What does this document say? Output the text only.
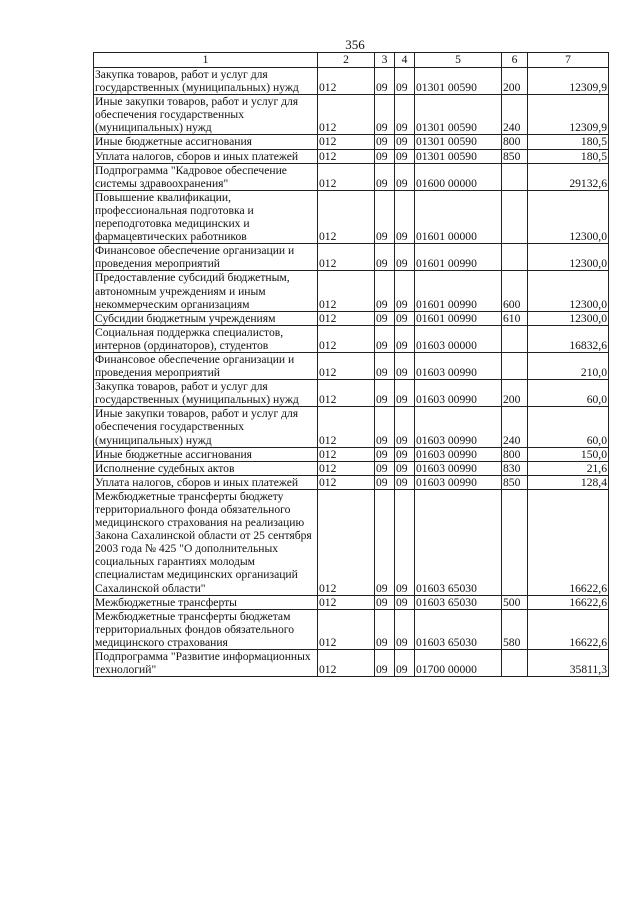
356
1	2	3	4	5	6	7
Закупка товаров, работ и услуг для государственных (муниципальных) нужд	012	09	09	01301 00590	200	12309,9
Иные закупки товаров, работ и услуг для обеспечения государственных (муниципальных) нужд	012	09	09	01301 00590	240	12309,9
Иные бюджетные ассигнования	012	09	09	01301 00590	800	180,5
Уплата налогов, сборов и иных платежей	012	09	09	01301 00590	850	180,5
Подпрограмма "Кадровое обеспечение системы здравоохранения"	012	09	09	01600 00000		29132,6
Повышение квалификации, профессиональная подготовка и переподготовка медицинских и фармацевтических работников	012	09	09	01601 00000		12300,0
Финансовое обеспечение организации и проведения мероприятий	012	09	09	01601 00990		12300,0
Предоставление субсидий бюджетным, автономным учреждениям и иным некоммерческим организациям	012	09	09	01601 00990	600	12300,0
Субсидии бюджетным учреждениям	012	09	09	01601 00990	610	12300,0
Социальная поддержка специалистов, интернов (ординаторов), студентов	012	09	09	01603 00000		16832,6
Финансовое обеспечение организации и проведения мероприятий	012	09	09	01603 00990		210,0
Закупка товаров, работ и услуг для государственных (муниципальных) нужд	012	09	09	01603 00990	200	60,0
Иные закупки товаров, работ и услуг для обеспечения государственных (муниципальных) нужд	012	09	09	01603 00990	240	60,0
Иные бюджетные ассигнования	012	09	09	01603 00990	800	150,0
Исполнение судебных актов	012	09	09	01603 00990	830	21,6
Уплата налогов, сборов и иных платежей	012	09	09	01603 00990	850	128,4
Межбюджетные трансферты бюджету территориального фонда обязательного медицинского страхования на реализацию Закона Сахалинской области от 25 сентября 2003 года № 425 "О дополнительных социальных гарантиях молодым специалистам медицинских организаций Сахалинской области"	012	09	09	01603 65030		16622,6
Межбюджетные трансферты	012	09	09	01603 65030	500	16622,6
Межбюджетные трансферты бюджетам территориальных фондов обязательного медицинского страхования	012	09	09	01603 65030	580	16622,6
Подпрограмма "Развитие информационных технологий"	012	09	09	01700 00000		35811,3
